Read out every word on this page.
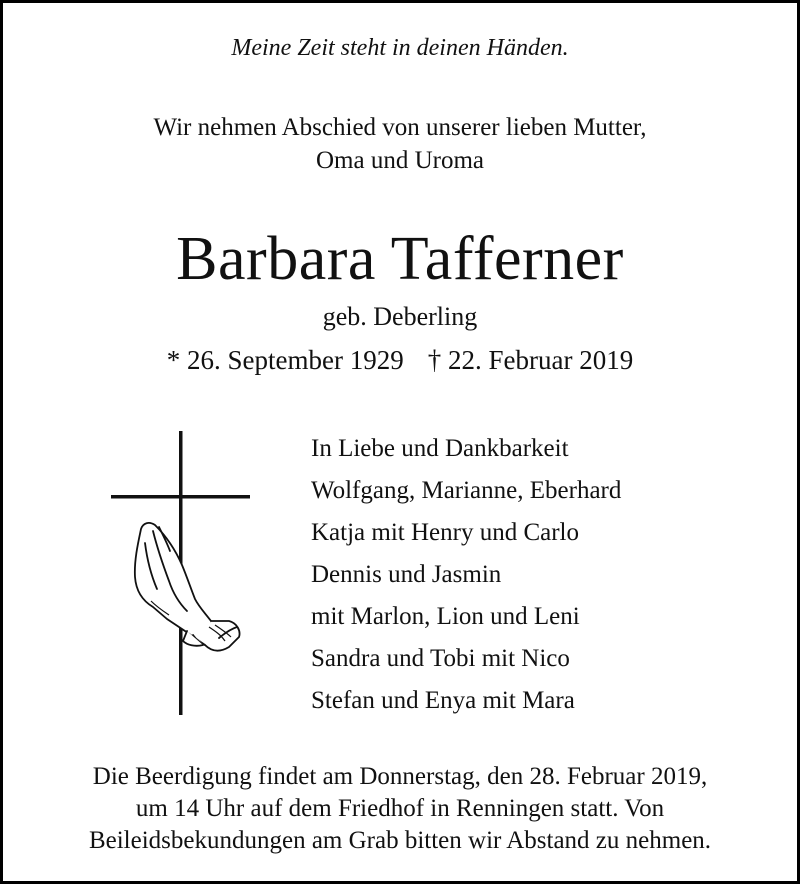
Meine Zeit steht in deinen Händen.
Wir nehmen Abschied von unserer lieben Mutter,
Oma und Uroma
Barbara Tafferner
geb. Deberling
* 26. September 1929 † 22. Februar 2019
In Liebe und Dankbarkeit
Wolfgang, Marianne, Eberhard
Katja mit Henry und Carlo
Dennis und Jasmin
mit Marlon, Lion und Leni
Sandra und Tobi mit Nico
Stefan und Enya mit Mara
Die Beerdigung findet am Donnerstag, den 28. Februar 2019,
um 14 Uhr auf dem Friedhof in Renningen statt. Von
Beileidsbekundungen am Grab bitten wir Abstand zu nehmen.
